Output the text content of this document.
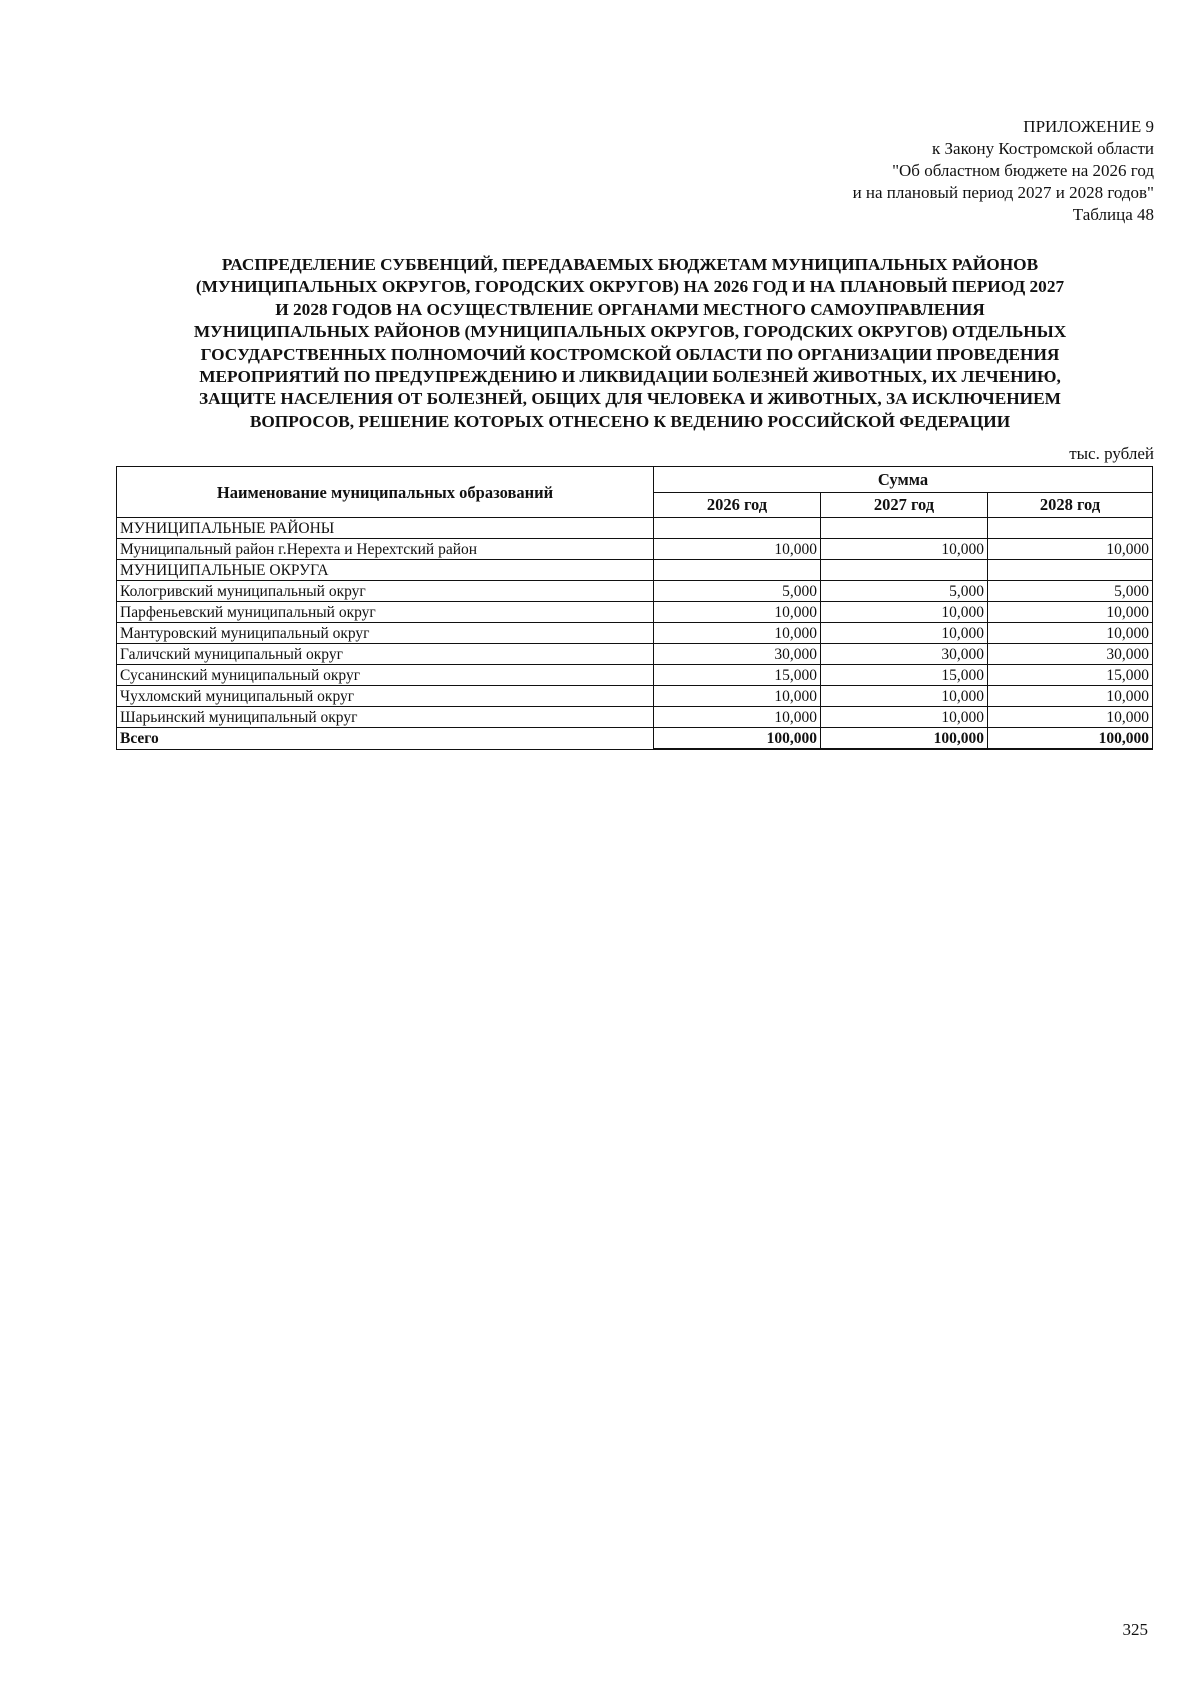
ПРИЛОЖЕНИЕ 9
к Закону Костромской области
"Об областном бюджете на 2026 год
и на плановый период 2027 и 2028 годов"
Таблица 48
РАСПРЕДЕЛЕНИЕ СУБВЕНЦИЙ, ПЕРЕДАВАЕМЫХ БЮДЖЕТАМ МУНИЦИПАЛЬНЫХ РАЙОНОВ
(МУНИЦИПАЛЬНЫХ ОКРУГОВ, ГОРОДСКИХ ОКРУГОВ) НА 2026 ГОД И НА ПЛАНОВЫЙ ПЕРИОД 2027
И 2028 ГОДОВ НА ОСУЩЕСТВЛЕНИЕ ОРГАНАМИ МЕСТНОГО САМОУПРАВЛЕНИЯ
МУНИЦИПАЛЬНЫХ РАЙОНОВ (МУНИЦИПАЛЬНЫХ ОКРУГОВ, ГОРОДСКИХ ОКРУГОВ) ОТДЕЛЬНЫХ
ГОСУДАРСТВЕННЫХ ПОЛНОМОЧИЙ КОСТРОМСКОЙ ОБЛАСТИ ПО ОРГАНИЗАЦИИ ПРОВЕДЕНИЯ
МЕРОПРИЯТИЙ ПО ПРЕДУПРЕЖДЕНИЮ И ЛИКВИДАЦИИ БОЛЕЗНЕЙ ЖИВОТНЫХ, ИХ ЛЕЧЕНИЮ,
ЗАЩИТЕ НАСЕЛЕНИЯ ОТ БОЛЕЗНЕЙ, ОБЩИХ ДЛЯ ЧЕЛОВЕКА И ЖИВОТНЫХ, ЗА ИСКЛЮЧЕНИЕМ
ВОПРОСОВ, РЕШЕНИЕ КОТОРЫХ ОТНЕСЕНО К ВЕДЕНИЮ РОССИЙСКОЙ ФЕДЕРАЦИИ
тыс. рублей
Наименование муниципальных образований	Сумма		
	2026 год	2027 год	2028 год
МУНИЦИПАЛЬНЫЕ РАЙОНЫ			
Муниципальный район г.Нерехта и Нерехтский район	10,000	10,000	10,000
МУНИЦИПАЛЬНЫЕ ОКРУГА			
Кологривский муниципальный округ	5,000	5,000	5,000
Парфеньевский муниципальный округ	10,000	10,000	10,000
Мантуровский муниципальный округ	10,000	10,000	10,000
Галичский муниципальный округ	30,000	30,000	30,000
Сусанинский муниципальный округ	15,000	15,000	15,000
Чухломский муниципальный округ	10,000	10,000	10,000
Шарьинский муниципальный округ	10,000	10,000	10,000
Всего	100,000	100,000	100,000
325
